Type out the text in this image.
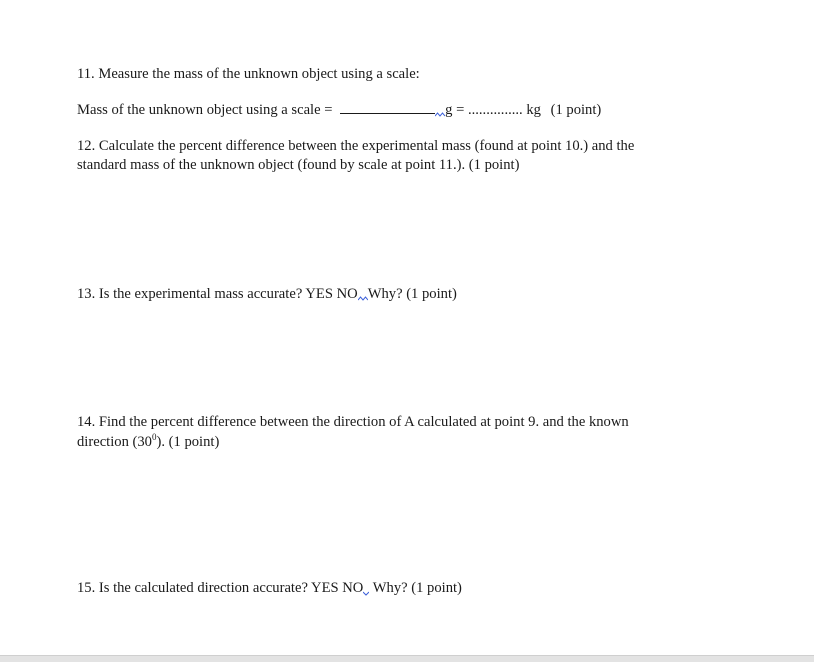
11. Measure the mass of the unknown object using a scale:
Mass of the unknown object using a scale =	g = ............... kg (1 point)
12. Calculate the percent difference between the experimental mass (found at point 10.) and the
standard mass of the unknown object (found by scale at point 11.). (1 point)
13. Is the experimental mass accurate? YES NO Why? (1 point)
14. Find the percent difference between the direction of A calculated at point 9. and the known
direction $(30^0)$. (1 point)
15. Is the calculated direction accurate? YES NO Why? (1 point)
